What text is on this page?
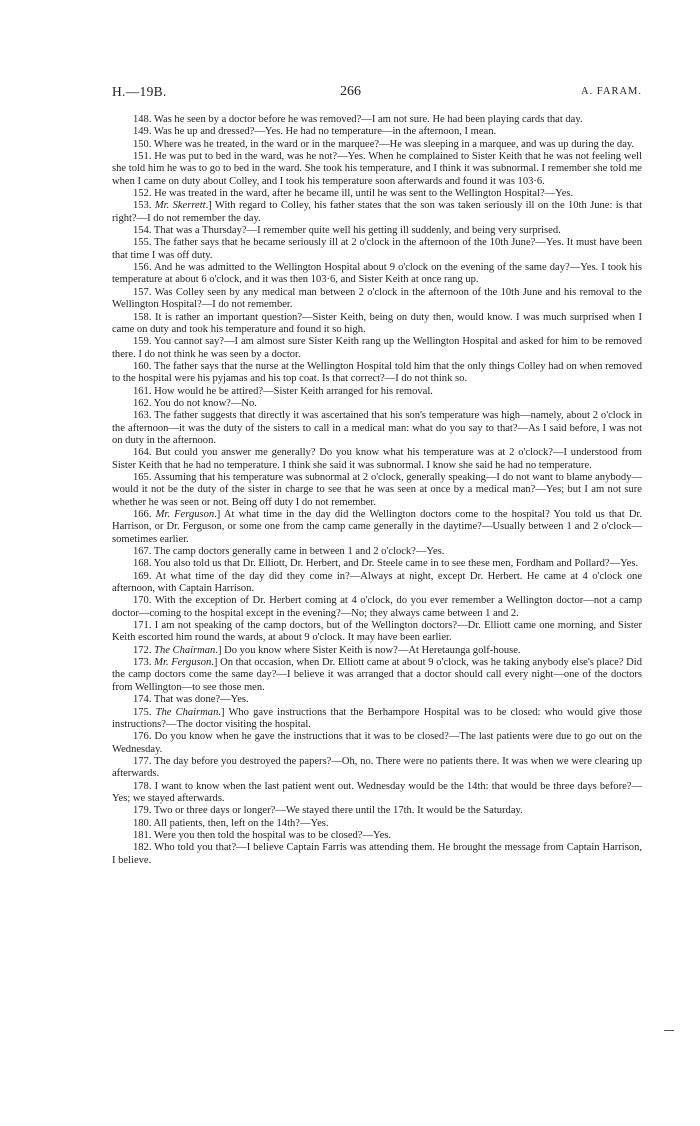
H.—19B.	266	A. FARAM.

148. Was he seen by a doctor before he was removed?—I am not sure. He had been playing cards that day.

149. Was he up and dressed?—Yes. He had no temperature—in the afternoon, I mean.

150. Where was he treated, in the ward or in the marquee?—He was sleeping in a marquee, and was up during the day.

151. He was put to bed in the ward, was he not?—Yes. When he complained to Sister Keith that he was not feeling well she told him he was to go to bed in the ward. She took his temperature, and I think it was subnormal. I remember she told me when I came on duty about Colley, and I took his temperature soon afterwards and found it was 103·6.

152. He was treated in the ward, after he became ill, until he was sent to the Wellington Hospital?—Yes.

153. Mr. Skerrett.] With regard to Colley, his father states that the son was taken seriously ill on the 10th June: is that right?—I do not remember the day.

154. That was a Thursday?—I remember quite well his getting ill suddenly, and being very surprised.

155. The father says that he became seriously ill at 2 o'clock in the afternoon of the 10th June?—Yes. It must have been that time I was off duty.

156. And he was admitted to the Wellington Hospital about 9 o'clock on the evening of the same day?—Yes. I took his temperature at about 6 o'clock, and it was then 103·6, and Sister Keith at once rang up.

157. Was Colley seen by any medical man between 2 o'clock in the afternoon of the 10th June and his removal to the Wellington Hospital?—I do not remember.

158. It is rather an important question?—Sister Keith, being on duty then, would know. I was much surprised when I came on duty and took his temperature and found it so high.

159. You cannot say?—I am almost sure Sister Keith rang up the Wellington Hospital and asked for him to be removed there. I do not think he was seen by a doctor.

160. The father says that the nurse at the Wellington Hospital told him that the only things Colley had on when removed to the hospital were his pyjamas and his top coat. Is that correct?—I do not think so.

161. How would he be attired?—Sister Keith arranged for his removal.

162. You do not know?—No.

163. The father suggests that directly it was ascertained that his son's temperature was high—namely, about 2 o'clock in the afternoon—it was the duty of the sisters to call in a medical man: what do you say to that?—As I said before, I was not on duty in the afternoon.

164. But could you answer me generally? Do you know what his temperature was at 2 o'clock?—I understood from Sister Keith that he had no temperature. I think she said it was subnormal. I know she said he had no temperature.

165. Assuming that his temperature was subnormal at 2 o'clock, generally speaking—I do not want to blame anybody—would it not be the duty of the sister in charge to see that he was seen at once by a medical man?—Yes; but I am not sure whether he was seen or not. Being off duty I do not remember.

166. Mr. Ferguson.] At what time in the day did the Wellington doctors come to the hospital? You told us that Dr. Harrison, or Dr. Ferguson, or some one from the camp came generally in the daytime?—Usually between 1 and 2 o'clock—sometimes earlier.

167. The camp doctors generally came in between 1 and 2 o'clock?—Yes.

168. You also told us that Dr. Elliott, Dr. Herbert, and Dr. Steele came in to see these men, Fordham and Pollard?—Yes.

169. At what time of the day did they come in?—Always at night, except Dr. Herbert. He came at 4 o'clock one afternoon, with Captain Harrison.

170. With the exception of Dr. Herbert coming at 4 o'clock, do you ever remember a Wellington doctor—not a camp doctor—coming to the hospital except in the evening?—No; they always came between 1 and 2.

171. I am not speaking of the camp doctors, but of the Wellington doctors?—Dr. Elliott came one morning, and Sister Keith escorted him round the wards, at about 9 o'clock. It may have been earlier.

172. The Chairman.] Do you know where Sister Keith is now?—At Heretaunga golf-house.

173. Mr. Ferguson.] On that occasion, when Dr. Elliott came at about 9 o'clock, was he taking anybody else's place? Did the camp doctors come the same day?—I believe it was arranged that a doctor should call every night—one of the doctors from Wellington—to see those men.

174. That was done?—Yes.

175. The Chairman.] Who gave instructions that the Berhampore Hospital was to be closed: who would give those instructions?—The doctor visiting the hospital.

176. Do you know when he gave the instructions that it was to be closed?—The last patients were due to go out on the Wednesday.

177. The day before you destroyed the papers?—Oh, no. There were no patients there. It was when we were clearing up afterwards.

178. I want to know when the last patient went out. Wednesday would be the 14th: that would be three days before?—Yes; we stayed afterwards.

179. Two or three days or longer?—We stayed there until the 17th. It would be the Saturday.

180. All patients, then, left on the 14th?—Yes.

181. Were you then told the hospital was to be closed?—Yes.

182. Who told you that?—I believe Captain Farris was attending them. He brought the message from Captain Harrison, I believe.
